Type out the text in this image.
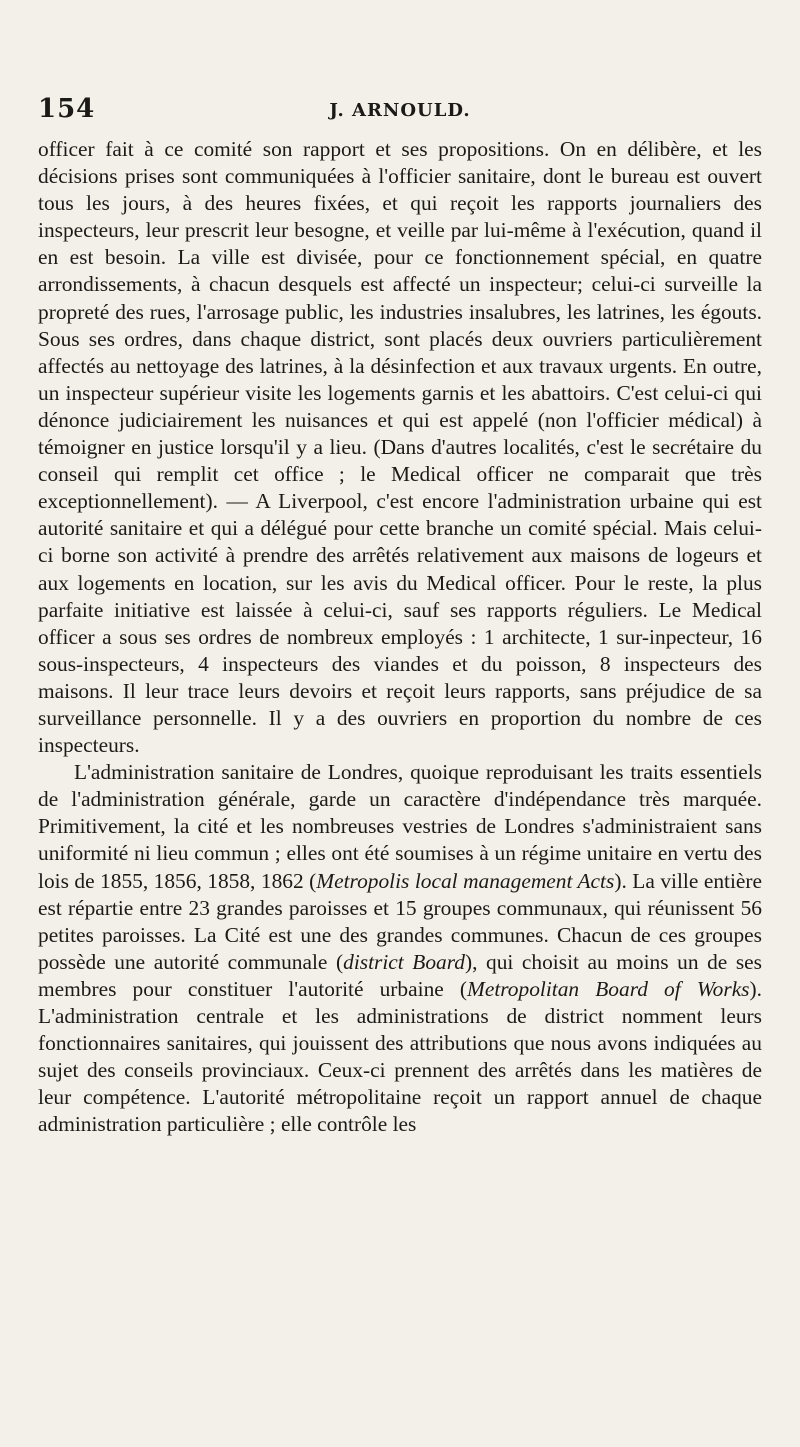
154	J. ARNOULD.

officer fait à ce comité son rapport et ses propositions. On en délibère, et les décisions prises sont communiquées à l'officier sanitaire, dont le bureau est ouvert tous les jours, à des heures fixées, et qui reçoit les rapports journaliers des inspecteurs, leur prescrit leur besogne, et veille par lui-même à l'exécution, quand il en est besoin. La ville est divisée, pour ce fonctionnement spécial, en quatre arrondissements, à chacun desquels est affecté un inspecteur; celui-ci surveille la propreté des rues, l'arrosage public, les industries insalubres, les latrines, les égouts. Sous ses ordres, dans chaque district, sont placés deux ouvriers particulièrement affectés au nettoyage des latrines, à la désinfection et aux travaux urgents. En outre, un inspecteur supérieur visite les logements garnis et les abattoirs. C'est celui-ci qui dénonce judiciairement les nuisances et qui est appelé (non l'officier médical) à témoigner en justice lorsqu'il y a lieu. (Dans d'autres localités, c'est le secrétaire du conseil qui remplit cet office ; le Medical officer ne comparait que très exceptionnellement). — A Liverpool, c'est encore l'administration urbaine qui est autorité sanitaire et qui a délégué pour cette branche un comité spécial. Mais celui-ci borne son activité à prendre des arrêtés relativement aux maisons de logeurs et aux logements en location, sur les avis du Medical officer. Pour le reste, la plus parfaite initiative est laissée à celui-ci, sauf ses rapports réguliers. Le Medical officer a sous ses ordres de nombreux employés : 1 architecte, 1 sur-inpecteur, 16 sous-inspecteurs, 4 inspecteurs des viandes et du poisson, 8 inspecteurs des maisons. Il leur trace leurs devoirs et reçoit leurs rapports, sans préjudice de sa surveillance personnelle. Il y a des ouvriers en proportion du nombre de ces inspecteurs.

L'administration sanitaire de Londres, quoique reproduisant les traits essentiels de l'administration générale, garde un caractère d'indépendance très marquée. Primitivement, la cité et les nombreuses vestries de Londres s'administraient sans uniformité ni lieu commun ; elles ont été soumises à un régime unitaire en vertu des lois de 1855, 1856, 1858, 1862 (Metropolis local management Acts). La ville entière est répartie entre 23 grandes paroisses et 15 groupes communaux, qui réunissent 56 petites paroisses. La Cité est une des grandes communes. Chacun de ces groupes possède une autorité communale (district Board), qui choisit au moins un de ses membres pour constituer l'autorité urbaine (Metropolitan Board of Works). L'administration centrale et les administrations de district nomment leurs fonctionnaires sanitaires, qui jouissent des attributions que nous avons indiquées au sujet des conseils provinciaux. Ceux-ci prennent des arrêtés dans les matières de leur compétence. L'autorité métropolitaine reçoit un rapport annuel de chaque administration particulière ; elle contrôle les
